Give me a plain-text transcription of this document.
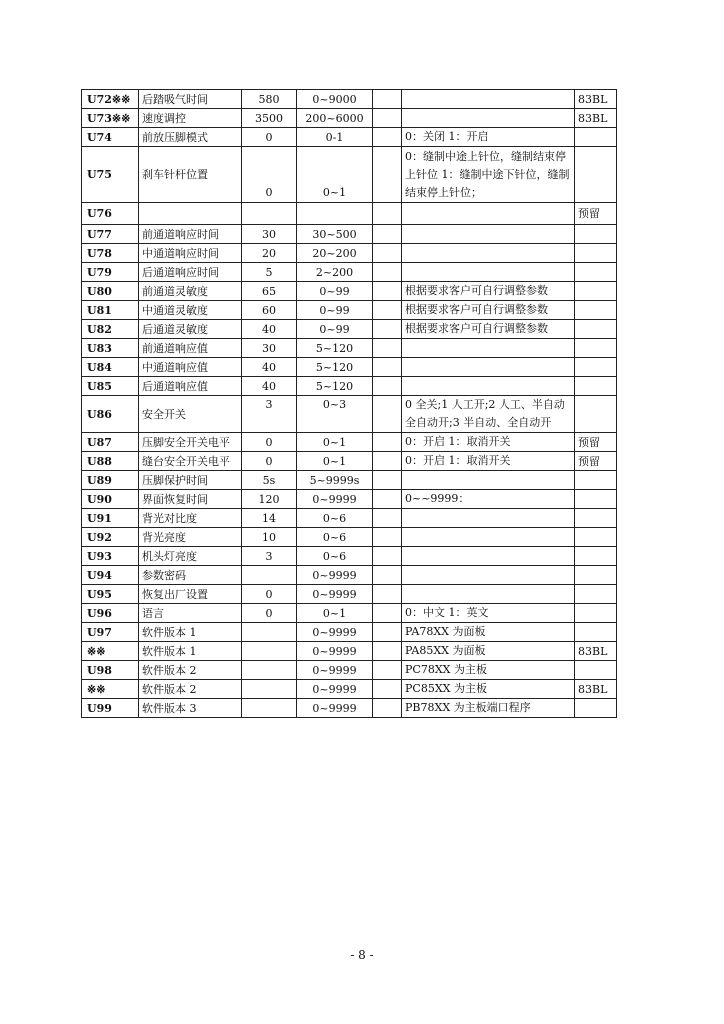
U72※※	后踏吸气时间	580	0~9000			83BL
U73※※	速度调控	3500	200~6000			83BL
U74	前放压脚模式	0	0-1		0：关闭 1：开启	
U75	刹车针杆位置	0	0~1		0：缝制中途上针位，缝制结束停上针位 1：缝制中途下针位，缝制结束停上针位；	
U76						预留
U77	前通道响应时间	30	30~500			
U78	中通道响应时间	20	20~200			
U79	后通道响应时间	5	2~200			
U80	前通道灵敏度	65	0~99		根据要求客户可自行调整参数	
U81	中通道灵敏度	60	0~99		根据要求客户可自行调整参数	
U82	后通道灵敏度	40	0~99		根据要求客户可自行调整参数	
U83	前通道响应值	30	5~120			
U84	中通道响应值	40	5~120			
U85	后通道响应值	40	5~120			
U86	安全开关	3	0~3		0 全关;1 人工开;2 人工、半自动全自动开;3 半自动、全自动开	
U87	压脚安全开关电平	0	0~1		0：开启 1：取消开关	预留
U88	缝台安全开关电平	0	0~1		0：开启 1：取消开关	预留
U89	压脚保护时间	5s	5~9999s			
U90	界面恢复时间	120	0~9999		0~~9999：	
U91	背光对比度	14	0~6			
U92	背光亮度	10	0~6			
U93	机头灯亮度	3	0~6			
U94	参数密码		0~9999			
U95	恢复出厂设置	0	0~9999			
U96	语言	0	0~1		0：中文 1：英文	
U97	软件版本 1		0~9999		PA78XX 为面板	
※※	软件版本 1		0~9999		PA85XX 为面板	83BL
U98	软件版本 2		0~9999		PC78XX 为主板	
※※	软件版本 2		0~9999		PC85XX 为主板	83BL
U99	软件版本 3		0~9999		PB78XX 为主板端口程序	
- 8 -
